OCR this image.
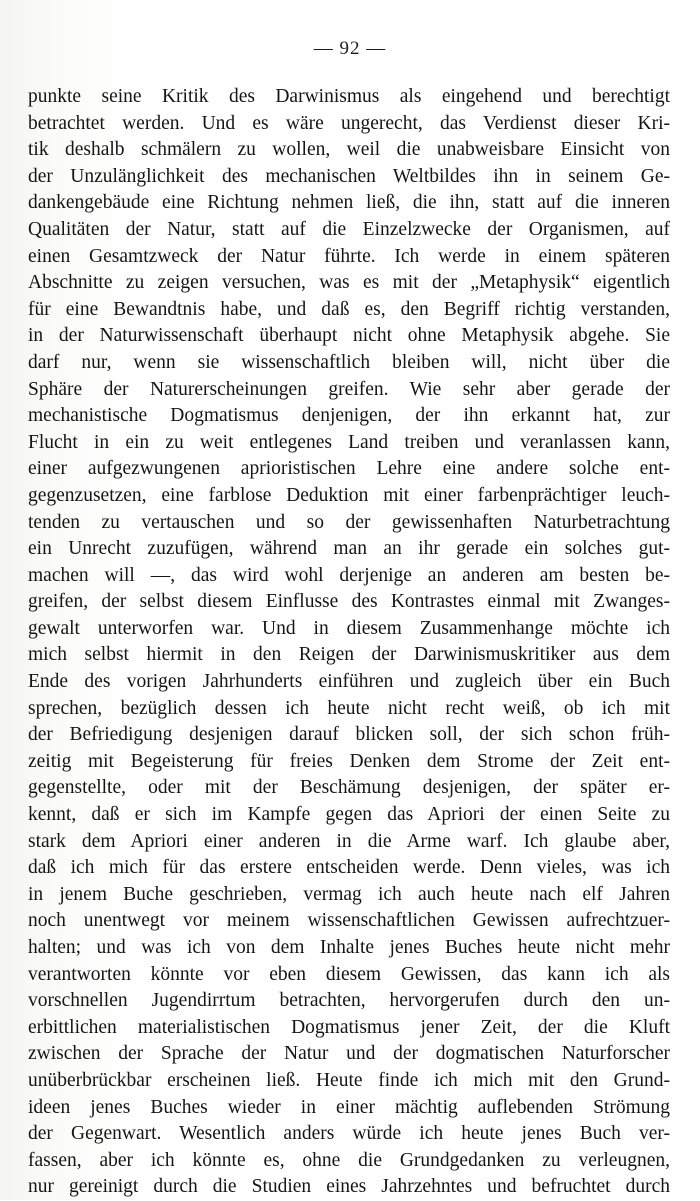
— 92 —
punkte seine Kritik des Darwinismus als eingehend und berechtigt
betrachtet werden. Und es wäre ungerecht, das Verdienst dieser Kri-
tik deshalb schmälern zu wollen, weil die unabweisbare Einsicht von
der Unzulänglichkeit des mechanischen Weltbildes ihn in seinem Ge-
dankengebäude eine Richtung nehmen ließ, die ihn, statt auf die inneren
Qualitäten der Natur, statt auf die Einzelzwecke der Organismen, auf
einen Gesamtzweck der Natur führte. Ich werde in einem späteren
Abschnitte zu zeigen versuchen, was es mit der „Metaphysik“ eigentlich
für eine Bewandtnis habe, und daß es, den Begriff richtig verstanden,
in der Naturwissenschaft überhaupt nicht ohne Metaphysik abgehe. Sie
darf nur, wenn sie wissenschaftlich bleiben will, nicht über die
Sphäre der Naturerscheinungen greifen. Wie sehr aber gerade der
mechanistische Dogmatismus denjenigen, der ihn erkannt hat, zur
Flucht in ein zu weit entlegenes Land treiben und veranlassen kann,
einer aufgezwungenen aprioristischen Lehre eine andere solche ent-
gegenzusetzen, eine farblose Deduktion mit einer farbenprächtiger leuch-
tenden zu vertauschen und so der gewissenhaften Naturbetrachtung
ein Unrecht zuzufügen, während man an ihr gerade ein solches gut-
machen will —, das wird wohl derjenige an anderen am besten be-
greifen, der selbst diesem Einflusse des Kontrastes einmal mit Zwanges-
gewalt unterworfen war. Und in diesem Zusammenhange möchte ich
mich selbst hiermit in den Reigen der Darwinismuskritiker aus dem
Ende des vorigen Jahrhunderts einführen und zugleich über ein Buch
sprechen, bezüglich dessen ich heute nicht recht weiß, ob ich mit
der Befriedigung desjenigen darauf blicken soll, der sich schon früh-
zeitig mit Begeisterung für freies Denken dem Strome der Zeit ent-
gegenstellte, oder mit der Beschämung desjenigen, der später er-
kennt, daß er sich im Kampfe gegen das Apriori der einen Seite zu
stark dem Apriori einer anderen in die Arme warf. Ich glaube aber,
daß ich mich für das erstere entscheiden werde. Denn vieles, was ich
in jenem Buche geschrieben, vermag ich auch heute nach elf Jahren
noch unentwegt vor meinem wissenschaftlichen Gewissen aufrechtzuer-
halten; und was ich von dem Inhalte jenes Buches heute nicht mehr
verantworten könnte vor eben diesem Gewissen, das kann ich als
vorschnellen Jugendirrtum betrachten, hervorgerufen durch den un-
erbittlichen materialistischen Dogmatismus jener Zeit, der die Kluft
zwischen der Sprache der Natur und der dogmatischen Naturforscher
unüberbrückbar erscheinen ließ. Heute finde ich mich mit den Grund-
ideen jenes Buches wieder in einer mächtig auflebenden Strömung
der Gegenwart. Wesentlich anders würde ich heute jenes Buch ver-
fassen, aber ich könnte es, ohne die Grundgedanken zu verleugnen,
nur gereinigt durch die Studien eines Jahrzehntes und befruchtet durch
